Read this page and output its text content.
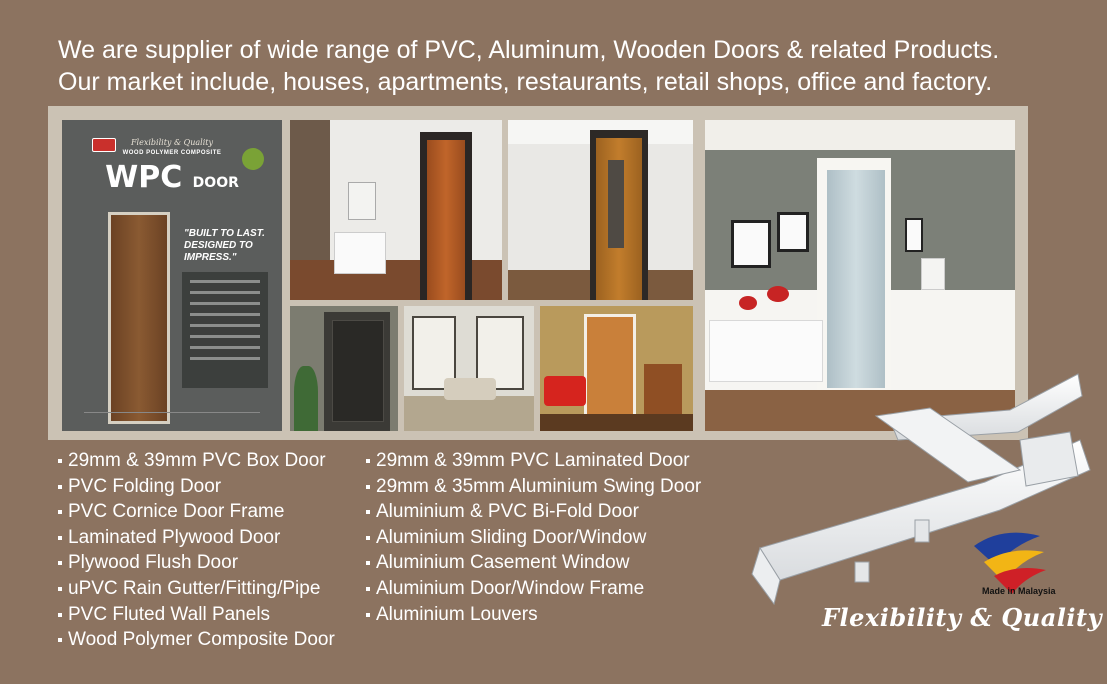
We are supplier of wide range of PVC, Aluminum, Wooden Doors & related Products.
Our market include, houses, apartments, restaurants, retail shops, office and factory.
Flexibility & Quality
WOOD POLYMER COMPOSITE
WPC DOOR
"BUILT TO LAST. DESIGNED TO IMPRESS."
29mm & 39mm PVC Box Door
PVC Folding Door
PVC Cornice Door Frame
Laminated Plywood Door
Plywood Flush Door
uPVC Rain Gutter/Fitting/Pipe
PVC Fluted Wall Panels
Wood Polymer Composite Door
29mm & 39mm PVC Laminated Door
29mm & 35mm Aluminium Swing Door
Aluminium & PVC Bi-Fold Door
Aluminium Sliding Door/Window
Aluminium Casement Window
Aluminium Door/Window Frame
Aluminium Louvers
Made in Malaysia
Flexibility & Quality
